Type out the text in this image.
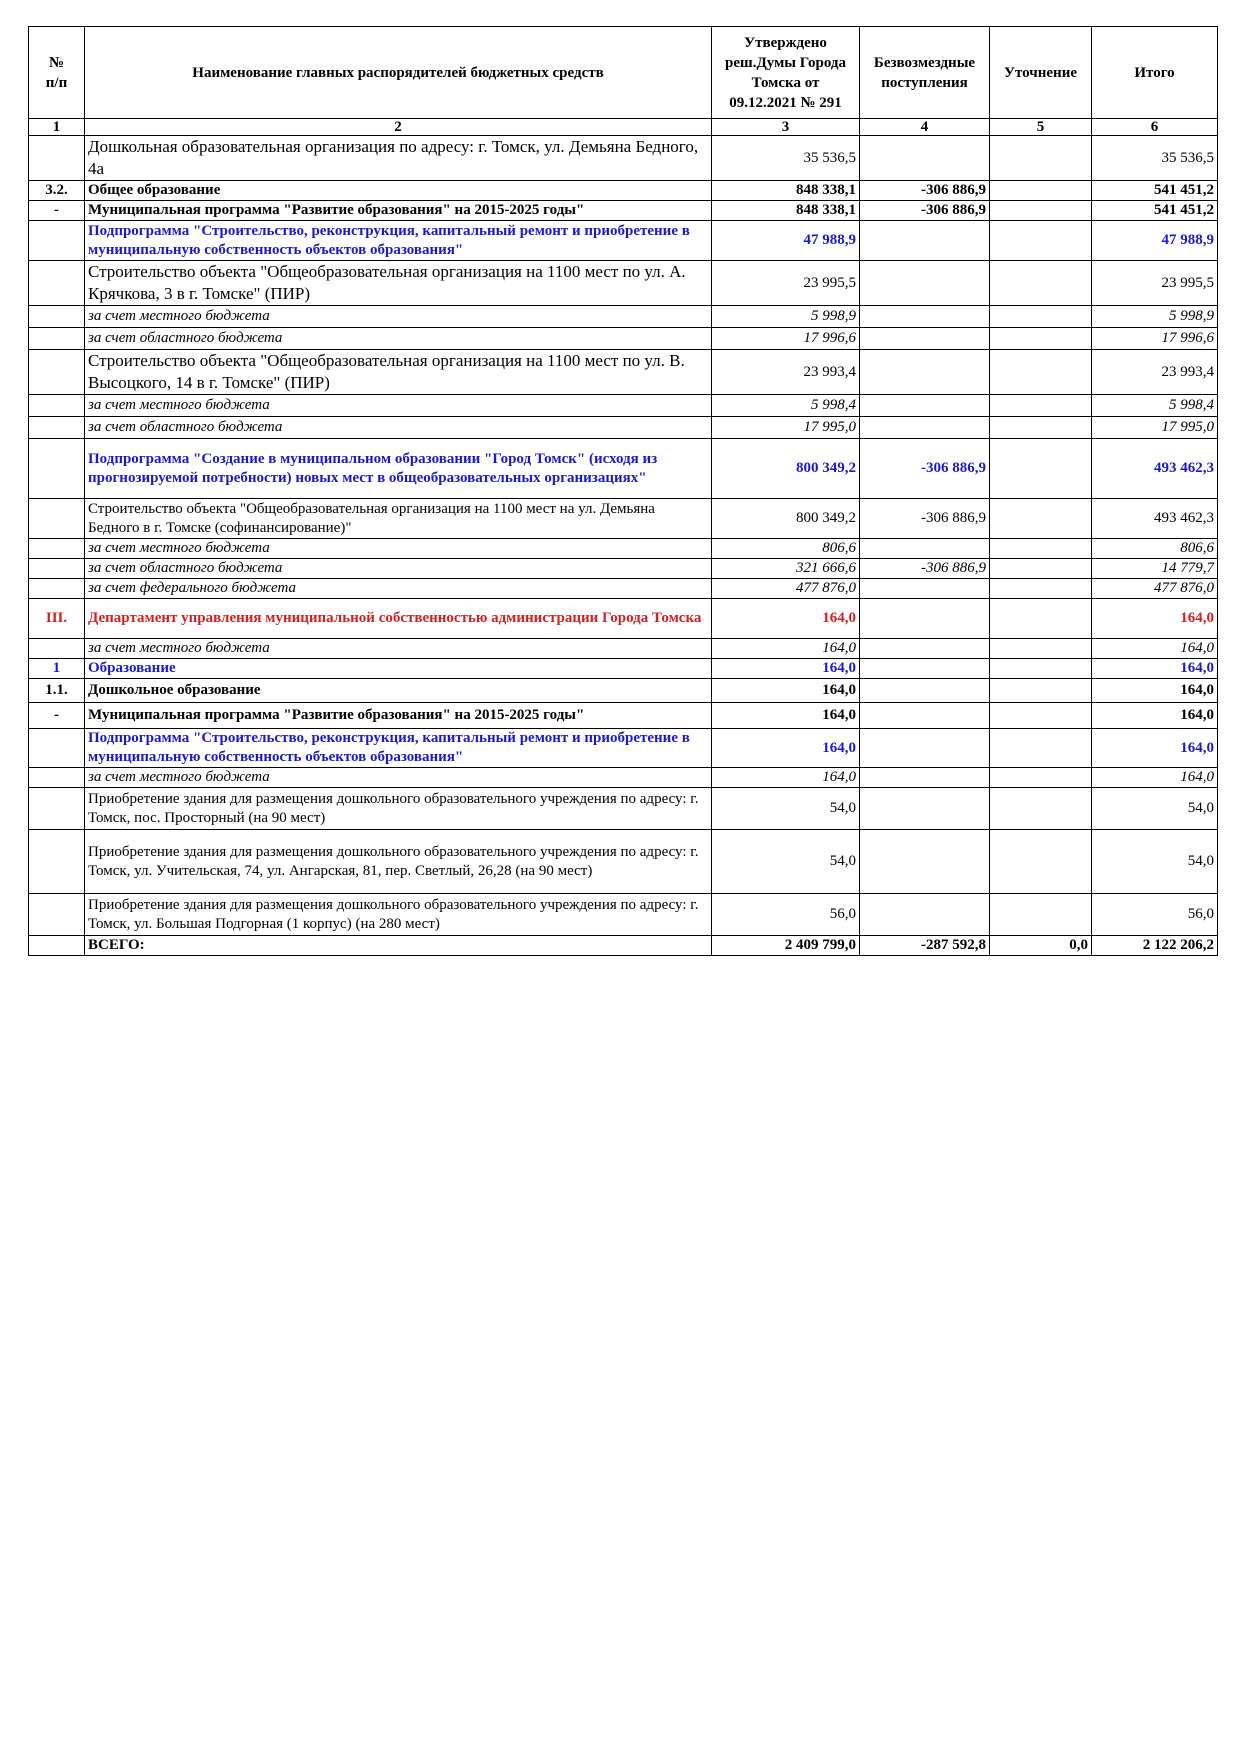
№
п/п	Наименование главных распорядителей бюджетных средств	Утверждено
реш.Думы Города
Томска от
09.12.2021 № 291	Безвозмездные
поступления	Уточнение	Итого
1	2	3	4	5	6
	Дошкольная образовательная организация по адресу: г. Томск, ул. Демьяна Бедного, 4а	35 536,5			35 536,5
3.2.	Общее образование	848 338,1	-306 886,9		541 451,2
-	Муниципальная программа "Развитие образования" на 2015-2025 годы"	848 338,1	-306 886,9		541 451,2
	Подпрограмма "Строительство, реконструкция, капитальный ремонт и приобретение в муниципальную собственность объектов образования"	47 988,9			47 988,9
	Строительство объекта "Общеобразовательная организация на 1100 мест по ул. А. Крячкова, 3 в г. Томске" (ПИР)	23 995,5			23 995,5
	за счет местного бюджета	5 998,9			5 998,9
	за счет областного бюджета	17 996,6			17 996,6
	Строительство объекта "Общеобразовательная организация на 1100 мест по ул. В. Высоцкого, 14 в г. Томске" (ПИР)	23 993,4			23 993,4
	за счет местного бюджета	5 998,4			5 998,4
	за счет областного бюджета	17 995,0			17 995,0
	Подпрограмма "Создание в муниципальном образовании "Город Томск" (исходя из прогнозируемой потребности) новых мест в общеобразовательных организациях"	800 349,2	-306 886,9		493 462,3
	Строительство объекта "Общеобразовательная организация на 1100 мест на ул. Демьяна Бедного в г. Томске (софинансирование)"	800 349,2	-306 886,9		493 462,3
	за счет местного бюджета	806,6			806,6
	за счет областного бюджета	321 666,6	-306 886,9		14 779,7
	за счет федерального бюджета	477 876,0			477 876,0
III.	Департамент управления муниципальной собственностью администрации Города Томска	164,0			164,0
	за счет местного бюджета	164,0			164,0
1	Образование	164,0			164,0
1.1.	Дошкольное образование	164,0			164,0
-	Муниципальная программа "Развитие образования" на 2015-2025 годы"	164,0			164,0
	Подпрограмма "Строительство, реконструкция, капитальный ремонт и приобретение в муниципальную собственность объектов образования"	164,0			164,0
	за счет местного бюджета	164,0			164,0
	Приобретение здания для размещения дошкольного образовательного учреждения по адресу: г. Томск, пос. Просторный (на 90 мест)	54,0			54,0
	Приобретение здания для размещения дошкольного образовательного учреждения по адресу: г. Томск, ул. Учительская, 74, ул. Ангарская, 81, пер. Светлый, 26,28 (на 90 мест)	54,0			54,0
	Приобретение здания для размещения дошкольного образовательного учреждения по адресу: г. Томск, ул. Большая Подгорная (1 корпус) (на 280 мест)	56,0			56,0
	ВСЕГО:	2 409 799,0	-287 592,8	0,0	2 122 206,2
